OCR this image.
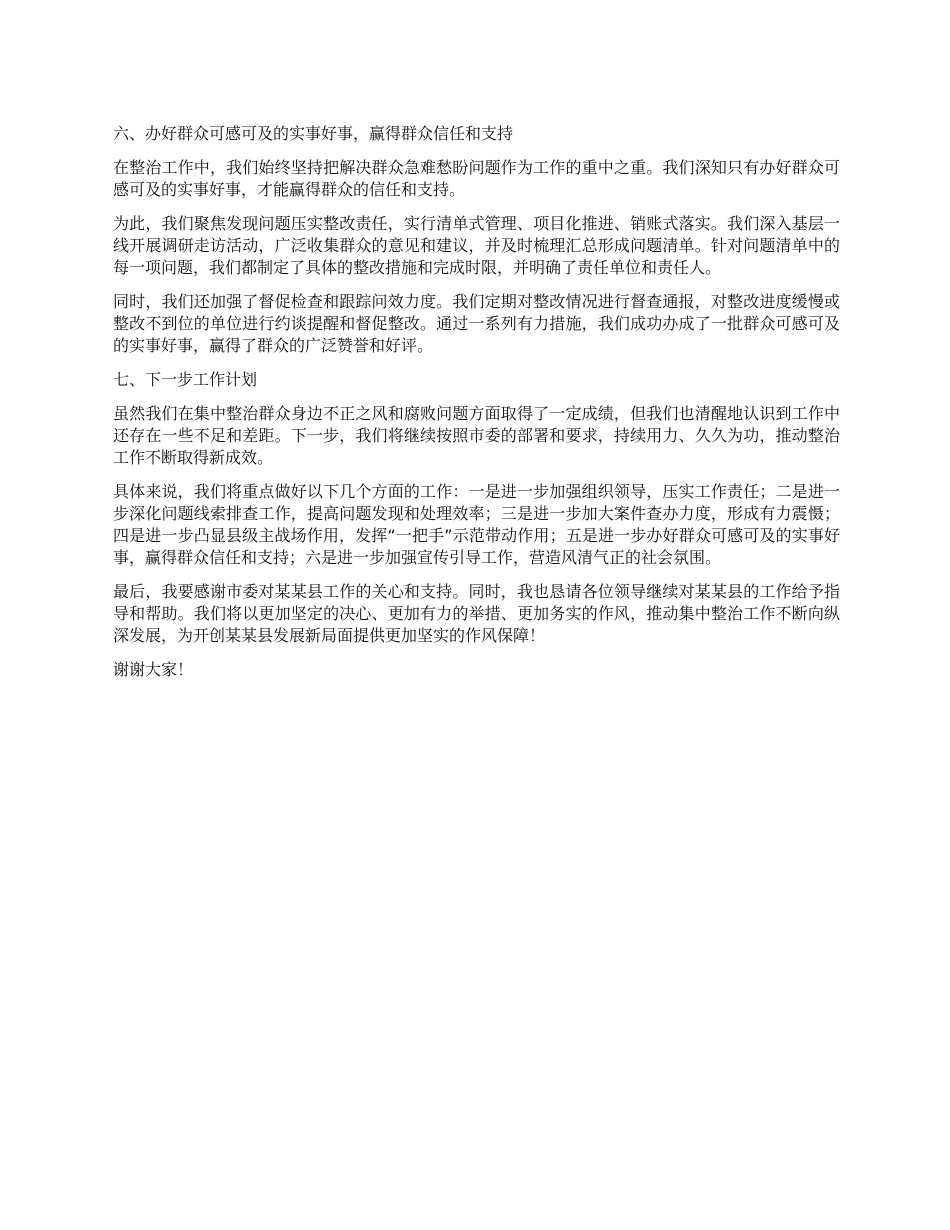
六、办好群众可感可及的实事好事，赢得群众信任和支持

在整治工作中，我们始终坚持把解决群众急难愁盼问题作为工作的重中之重。我们深知只有办好群众可感可及的实事好事，才能赢得群众的信任和支持。

为此，我们聚焦发现问题压实整改责任，实行清单式管理、项目化推进、销账式落实。我们深入基层一线开展调研走访活动，广泛收集群众的意见和建议，并及时梳理汇总形成问题清单。针对问题清单中的每一项问题，我们都制定了具体的整改措施和完成时限，并明确了责任单位和责任人。

同时，我们还加强了督促检查和跟踪问效力度。我们定期对整改情况进行督查通报，对整改进度缓慢或整改不到位的单位进行约谈提醒和督促整改。通过一系列有力措施，我们成功办成了一批群众可感可及的实事好事，赢得了群众的广泛赞誉和好评。

七、下一步工作计划

虽然我们在集中整治群众身边不正之风和腐败问题方面取得了一定成绩，但我们也清醒地认识到工作中还存在一些不足和差距。下一步，我们将继续按照市委的部署和要求，持续用力、久久为功，推动整治工作不断取得新成效。

具体来说，我们将重点做好以下几个方面的工作：一是进一步加强组织领导，压实工作责任；二是进一步深化问题线索排查工作，提高问题发现和处理效率；三是进一步加大案件查办力度，形成有力震慑；四是进一步凸显县级主战场作用，发挥“一把手”示范带动作用；五是进一步办好群众可感可及的实事好事，赢得群众信任和支持；六是进一步加强宣传引导工作，营造风清气正的社会氛围。

最后，我要感谢市委对某某县工作的关心和支持。同时，我也恳请各位领导继续对某某县的工作给予指导和帮助。我们将以更加坚定的决心、更加有力的举措、更加务实的作风，推动集中整治工作不断向纵深发展，为开创某某县发展新局面提供更加坚实的作风保障！

谢谢大家！
